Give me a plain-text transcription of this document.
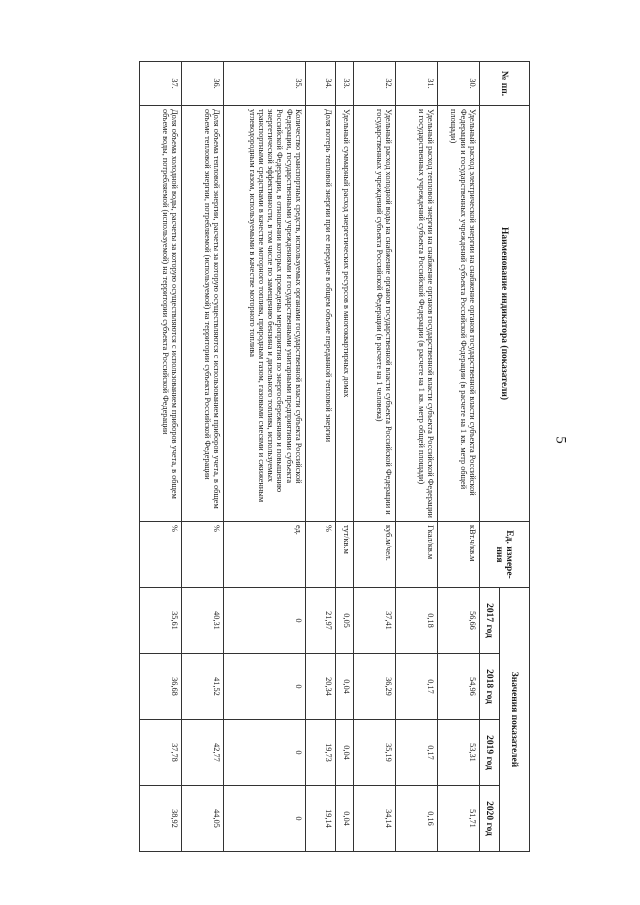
5
№ пп.	Наименование индикатора (показатели)	Ед. измере-ния	Значения показателей			
			2017 год	2018 год	2019 год	2020 год
30.	Удельный расход электрической энергии на снабжение органов государственной власти субъекта Российской Федерации и государственных учреждений субъекта Российской Федерации (в расчете на 1 кв. метр общей площади)	кВт.ч/кв.м	56,66	54,96	53,31	51,71
31.	Удельный расход тепловой энергии на снабжение органов государственной власти субъекта Российской Федерации и государственных учреждений субъекта Российской Федерации (в расчете на 1 кв. метр общей площади)	Гкал/кв.м	0,18	0,17	0,17	0,16
32.	Удельный расход холодной воды на снабжение органов государственной власти субъекта Российской Федерации и государственных учреждений субъекта Российской Федерации (в расчете на 1 человека)	куб.м/чел.	37,41	36,29	35,19	34,14
33.	Удельный суммарный расход энергетических ресурсов в многоквартирных домах	тут/кв.м	0,05	0,04	0,04	0,04
34.	Доля потерь тепловой энергии при ее передаче в общем объеме переданной тепловой энергии	%	21,97	20,34	19,73	19,14
35.	Количество транспортных средств, используемых органами государственной власти субъекта Российской Федерации, государственными учреждениями и государственными унитарными предприятиями субъекта Российской Федерации, в отношении которых проведены мероприятия по энергосбережению и повышению энергетической эффективности, в том числе по замещению бензина и дизельного топлива, используемых транспортными средствами в качестве моторного топлива, природным газом, газовыми смесями и сжиженным углеводородным газом, используемыми в качестве моторного топлива	ед.	0	0	0	0
36.	Доля объема тепловой энергии, расчеты за которую осуществляются с использованием приборов учета, в общем объеме тепловой энергии, потребляемой (используемой) на территории субъекта Российской Федерации	%	40,31	41,52	42,77	44,05
37.	Доля объема холодной воды, расчеты за которую осуществляются с использованием приборов учета, в общем объеме воды, потребляемой (используемой) на территории субъекта Российской Федерации	%	35,61	36,68	37,78	38,92
